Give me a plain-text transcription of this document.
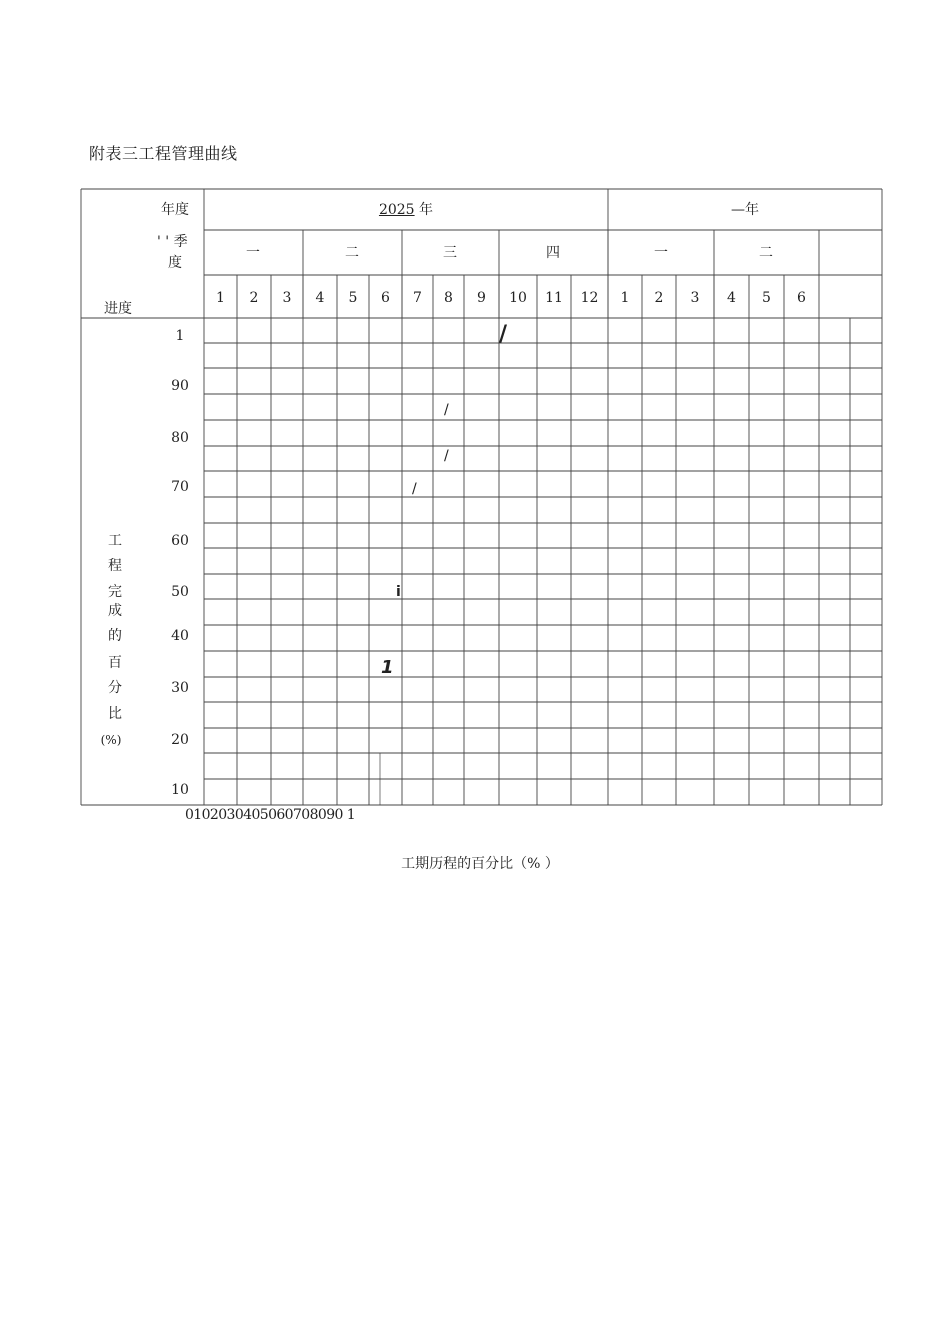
附表三工程管理曲线
年度
' ' 季
度
进度
2025 年	—年
一	二	三	四	一	二
1 2 3 4 5 6 7 8 9 10 11 12 1 2 3 4 5 6
工
程
完
成
的
百
分
比
(%)
1
90
80
70
60
50
40
30
20
10
0102030405060708090 1
工期历程的百分比（% ）
/
/
/
/
i
1
